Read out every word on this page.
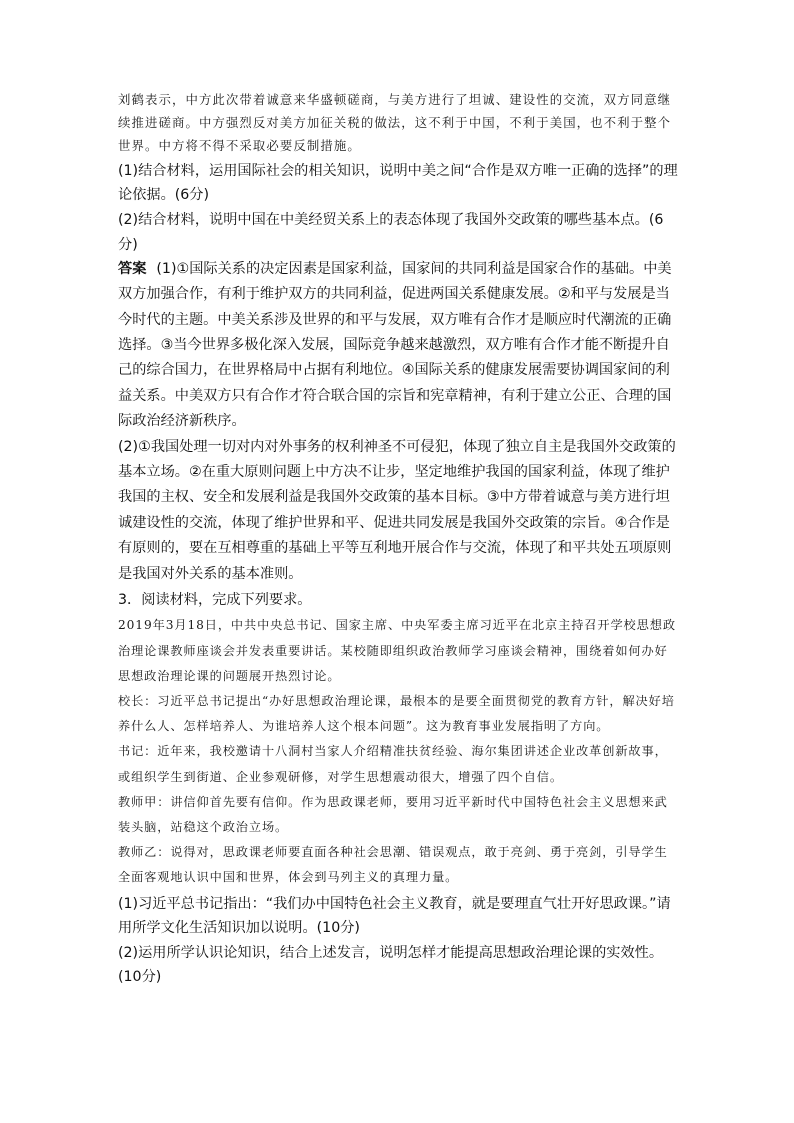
刘鹤表示，中方此次带着诚意来华盛顿磋商，与美方进行了坦诚、建设性的交流，双方同意继续推进磋商。中方强烈反对美方加征关税的做法，这不利于中国，不利于美国，也不利于整个世界。中方将不得不采取必要反制措施。

(1)结合材料，运用国际社会的相关知识，说明中美之间“合作是双方唯一正确的选择”的理论依据。(6分)

(2)结合材料，说明中国在中美经贸关系上的表态体现了我国外交政策的哪些基本点。(6分)

答案 (1)①国际关系的决定因素是国家利益，国家间的共同利益是国家合作的基础。中美双方加强合作，有利于维护双方的共同利益，促进两国关系健康发展。②和平与发展是当今时代的主题。中美关系涉及世界的和平与发展，双方唯有合作才是顺应时代潮流的正确选择。③当今世界多极化深入发展，国际竞争越来越激烈，双方唯有合作才能不断提升自己的综合国力，在世界格局中占据有利地位。④国际关系的健康发展需要协调国家间的利益关系。中美双方只有合作才符合联合国的宗旨和宪章精神，有利于建立公正、合理的国际政治经济新秩序。

(2)①我国处理一切对内对外事务的权利神圣不可侵犯，体现了独立自主是我国外交政策的基本立场。②在重大原则问题上中方决不让步，坚定地维护我国的国家利益，体现了维护我国的主权、安全和发展利益是我国外交政策的基本目标。③中方带着诚意与美方进行坦诚建设性的交流，体现了维护世界和平、促进共同发展是我国外交政策的宗旨。④合作是有原则的，要在互相尊重的基础上平等互利地开展合作与交流，体现了和平共处五项原则是我国对外关系的基本准则。

3．阅读材料，完成下列要求。

2019年3月18日，中共中央总书记、国家主席、中央军委主席习近平在北京主持召开学校思想政治理论课教师座谈会并发表重要讲话。某校随即组织政治教师学习座谈会精神，围绕着如何办好思想政治理论课的问题展开热烈讨论。

校长：习近平总书记提出“办好思想政治理论课，最根本的是要全面贯彻党的教育方针，解决好培养什么人、怎样培养人、为谁培养人这个根本问题”。这为教育事业发展指明了方向。

书记：近年来，我校邀请十八洞村当家人介绍精准扶贫经验、海尔集团讲述企业改革创新故事，或组织学生到街道、企业参观研修，对学生思想震动很大，增强了四个自信。

教师甲：讲信仰首先要有信仰。作为思政课老师，要用习近平新时代中国特色社会主义思想来武装头脑，站稳这个政治立场。

教师乙：说得对，思政课老师要直面各种社会思潮、错误观点，敢于亮剑、勇于亮剑，引导学生全面客观地认识中国和世界，体会到马列主义的真理力量。

(1)习近平总书记指出：“我们办中国特色社会主义教育，就是要理直气壮开好思政课。”请用所学文化生活知识加以说明。(10分)

(2)运用所学认识论知识，结合上述发言，说明怎样才能提高思想政治理论课的实效性。(10分)
